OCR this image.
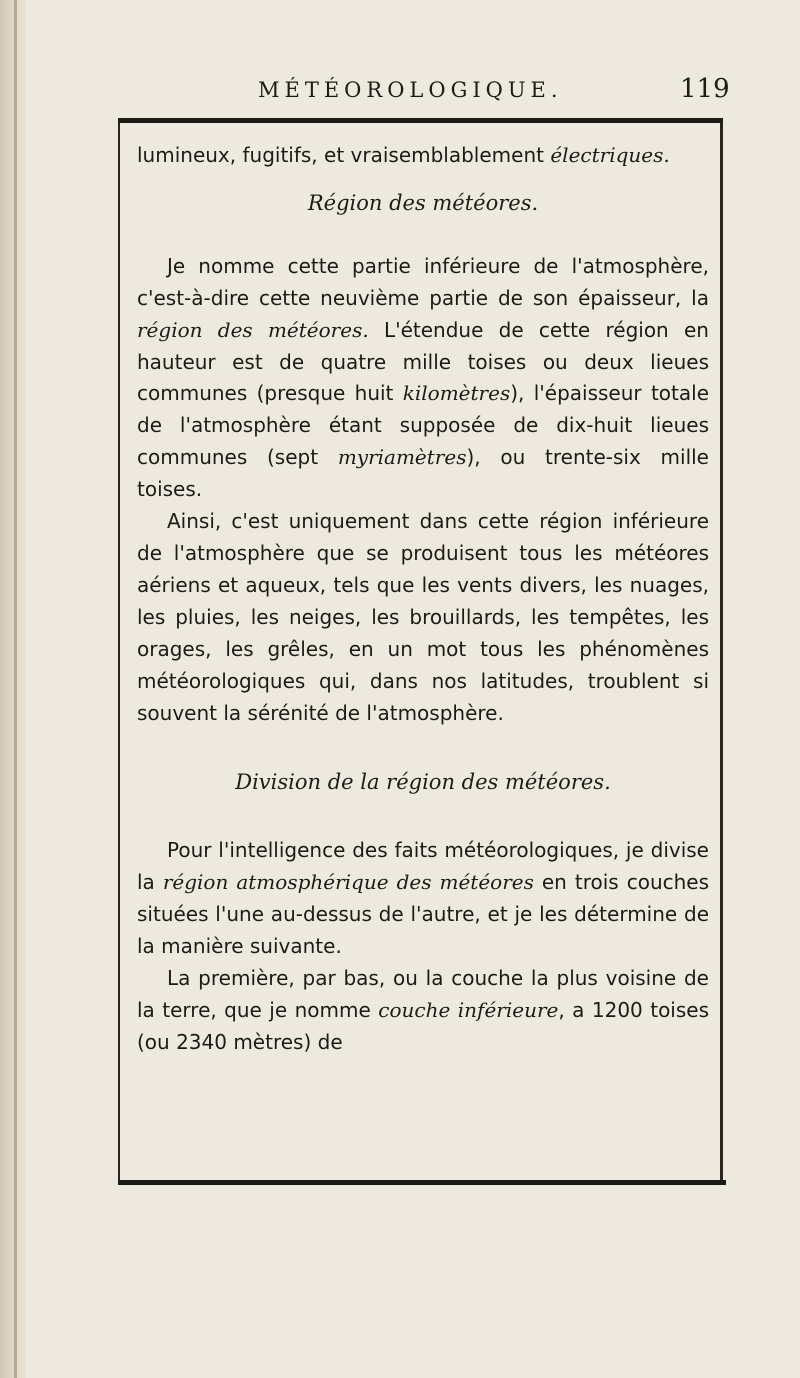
MÉTÉOROLOGIQUE.	119

lumineux, fugitifs, et vraisemblablement électriques.

Région des météores.

Je nomme cette partie inférieure de l'atmosphère, c'est-à-dire cette neuvième partie de son épaisseur, la région des météores. L'étendue de cette région en hauteur est de quatre mille toises ou deux lieues communes (presque huit kilomètres), l'épaisseur totale de l'atmosphère étant supposée de dix-huit lieues communes (sept myriamètres), ou trente-six mille toises.

Ainsi, c'est uniquement dans cette région inférieure de l'atmosphère que se produisent tous les météores aériens et aqueux, tels que les vents divers, les nuages, les pluies, les neiges, les brouillards, les tempêtes, les orages, les grêles, en un mot tous les phénomènes météorologiques qui, dans nos latitudes, troublent si souvent la sérénité de l'atmosphère.

Division de la région des météores.

Pour l'intelligence des faits météorologiques, je divise la région atmosphérique des météores en trois couches situées l'une au-dessus de l'autre, et je les détermine de la manière suivante.

La première, par bas, ou la couche la plus voisine de la terre, que je nomme couche inférieure, a 1200 toises (ou 2340 mètres) de
